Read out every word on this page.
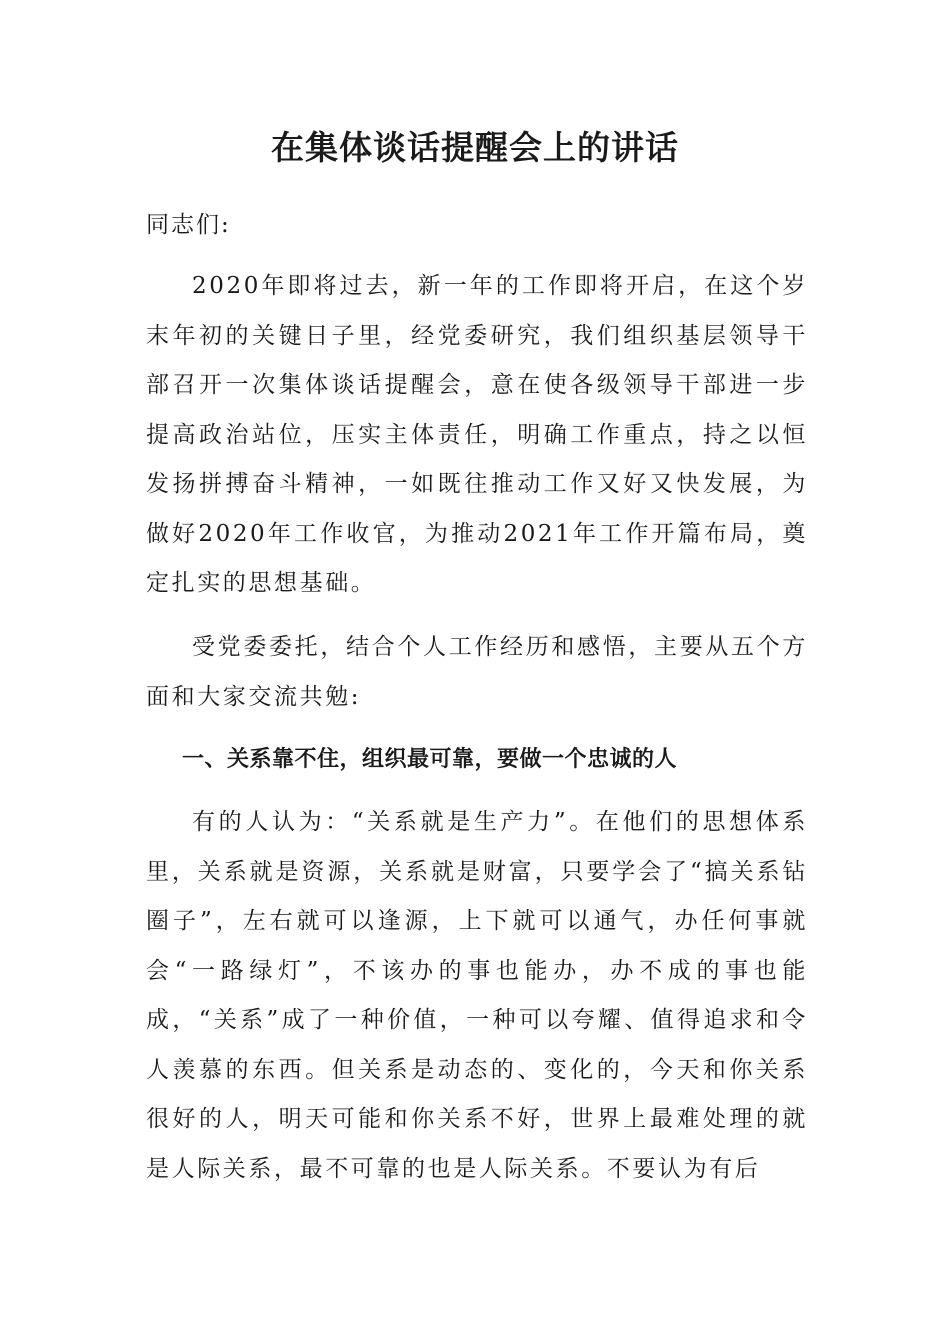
在集体谈话提醒会上的讲话

同志们:

2020年即将过去，新一年的工作即将开启，在这个岁末年初的关键日子里，经党委研究，我们组织基层领导干部召开一次集体谈话提醒会，意在使各级领导干部进一步提高政治站位，压实主体责任，明确工作重点，持之以恒发扬拼搏奋斗精神，一如既往推动工作又好又快发展，为做好2020年工作收官，为推动2021年工作开篇布局，奠定扎实的思想基础。

受党委委托，结合个人工作经历和感悟，主要从五个方面和大家交流共勉:

一、关系靠不住，组织最可靠，要做一个忠诚的人

有的人认为：“关系就是生产力”。在他们的思想体系里，关系就是资源，关系就是财富，只要学会了“搞关系钻圈子”，左右就可以逢源，上下就可以通气，办任何事就会“一路绿灯”，不该办的事也能办，办不成的事也能成，“关系”成了一种价值，一种可以夸耀、值得追求和令人羡慕的东西。但关系是动态的、变化的，今天和你关系很好的人，明天可能和你关系不好，世界上最难处理的就是人际关系，最不可靠的也是人际关系。不要认为有后
